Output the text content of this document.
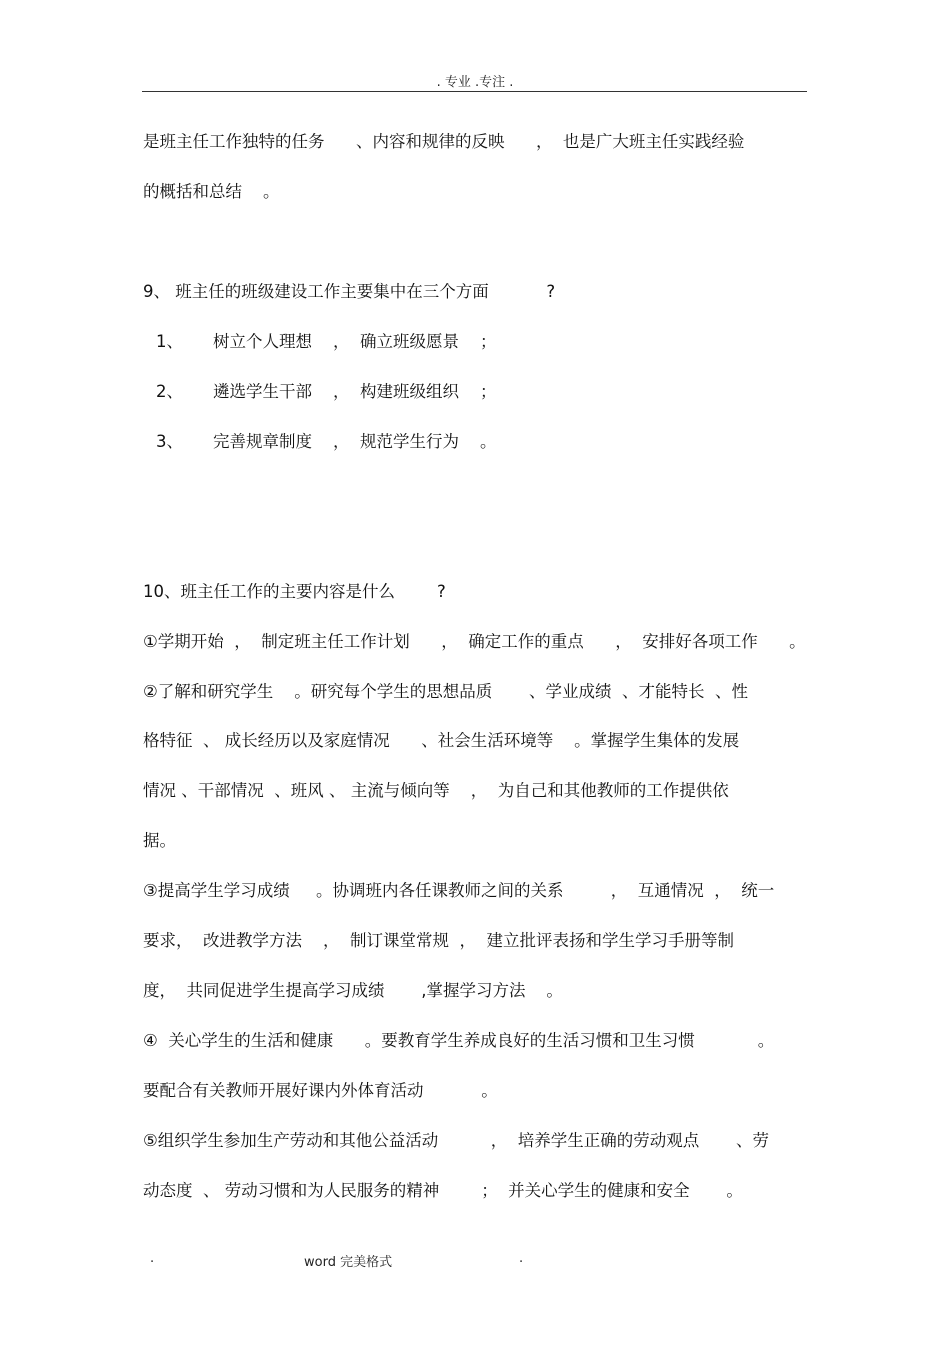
. 专业 .专注 .
是班主任工作独特的任务      、内容和规律的反映      ，  也是广大班主任实践经验
的概括和总结    。
9、 班主任的班级建设工作主要集中在三个方面           ?
1、 树立个人理想    ，  确立班级愿景    ；
2、 遴选学生干部    ，  构建班级组织    ；
3、 完善规章制度    ，  规范学生行为    。
10、班主任工作的主要内容是什么        ?
①学期开始  ，  制定班主任工作计划      ，  确定工作的重点      ，  安排好各项工作      。
②了解和研究学生    。研究每个学生的思想品质       、学业成绩  、才能特长  、性
格特征  、 成长经历以及家庭情况      、社会生活环境等    。掌握学生集体的发展
情况 、干部情况  、班风 、 主流与倾向等    ，  为自己和其他教师的工作提供依
据。
③提高学生学习成绩     。协调班内各任课教师之间的关系         ，  互通情况  ，  统一
要求，  改进教学方法    ，  制订课堂常规  ，  建立批评表扬和学生学习手册等制
度，  共同促进学生提高学习成绩       ,掌握学习方法    。
④  关心学生的生活和健康      。要教育学生养成良好的生活习惯和卫生习惯            。
要配合有关教师开展好课内外体育活动           。
⑤组织学生参加生产劳动和其他公益活动          ，  培养学生正确的劳动观点       、劳
动态度  、 劳动习惯和为人民服务的精神        ；  并关心学生的健康和安全       。
.	word 完美格式	.
